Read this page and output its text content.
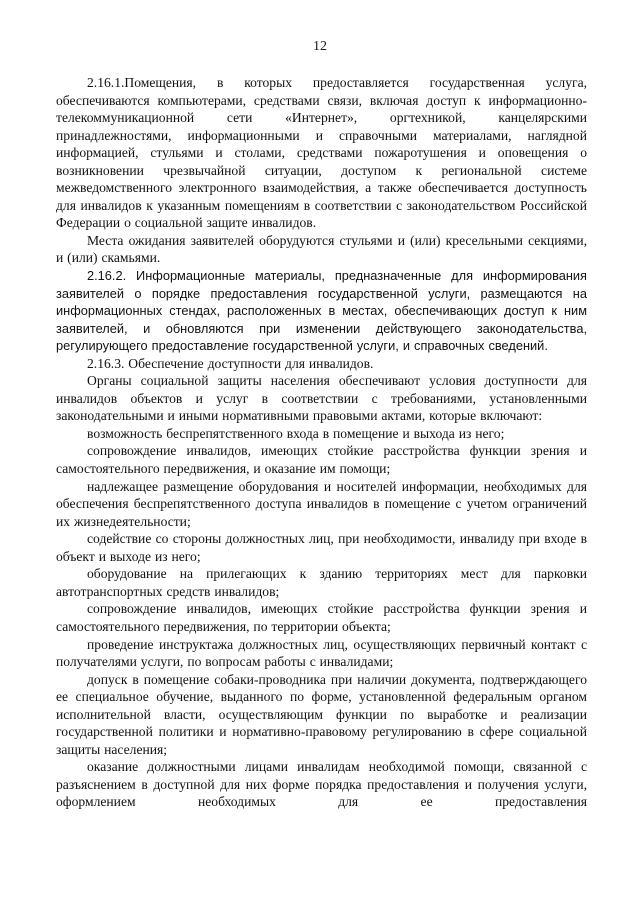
12

2.16.1.Помещения, в которых предоставляется государственная услуга, обеспечиваются компьютерами, средствами связи, включая доступ к информационно-телекоммуникационной сети «Интернет», оргтехникой, канцелярскими принадлежностями, информационными и справочными материалами, наглядной информацией, стульями и столами, средствами пожаротушения и оповещения о возникновении чрезвычайной ситуации, доступом к региональной системе межведомственного электронного взаимодействия, а также обеспечивается доступность для инвалидов к указанным помещениям в соответствии с законодательством Российской Федерации о социальной защите инвалидов.

Места ожидания заявителей оборудуются стульями и (или) кресельными секциями, и (или) скамьями.

2.16.2. Информационные материалы, предназначенные для информирования заявителей о порядке предоставления государственной услуги, размещаются на информационных стендах, расположенных в местах, обеспечивающих доступ к ним заявителей, и обновляются при изменении действующего законодательства, регулирующего предоставление государственной услуги, и справочных сведений.

2.16.3. Обеспечение доступности для инвалидов.

Органы социальной защиты населения обеспечивают условия доступности для инвалидов объектов и услуг в соответствии с требованиями, установленными законодательными и иными нормативными правовыми актами, которые включают:

возможность беспрепятственного входа в помещение и выхода из него;

сопровождение инвалидов, имеющих стойкие расстройства функции зрения и самостоятельного передвижения, и оказание им помощи;

надлежащее размещение оборудования и носителей информации, необходимых для обеспечения беспрепятственного доступа инвалидов в помещение с учетом ограничений их жизнедеятельности;

содействие со стороны должностных лиц, при необходимости, инвалиду при входе в объект и выходе из него;

оборудование на прилегающих к зданию территориях мест для парковки автотранспортных средств инвалидов;

сопровождение инвалидов, имеющих стойкие расстройства функции зрения и самостоятельного передвижения, по территории объекта;

проведение инструктажа должностных лиц, осуществляющих первичный контакт с получателями услуги, по вопросам работы с инвалидами;

допуск в помещение собаки-проводника при наличии документа, подтверждающего ее специальное обучение, выданного по форме, установленной федеральным органом исполнительной власти, осуществляющим функции по выработке и реализации государственной политики и нормативно-правовому регулированию в сфере социальной защиты населения;

оказание должностными лицами инвалидам необходимой помощи, связанной с разъяснением в доступной для них форме порядка предоставления и получения услуги, оформлением необходимых для ее предоставления
